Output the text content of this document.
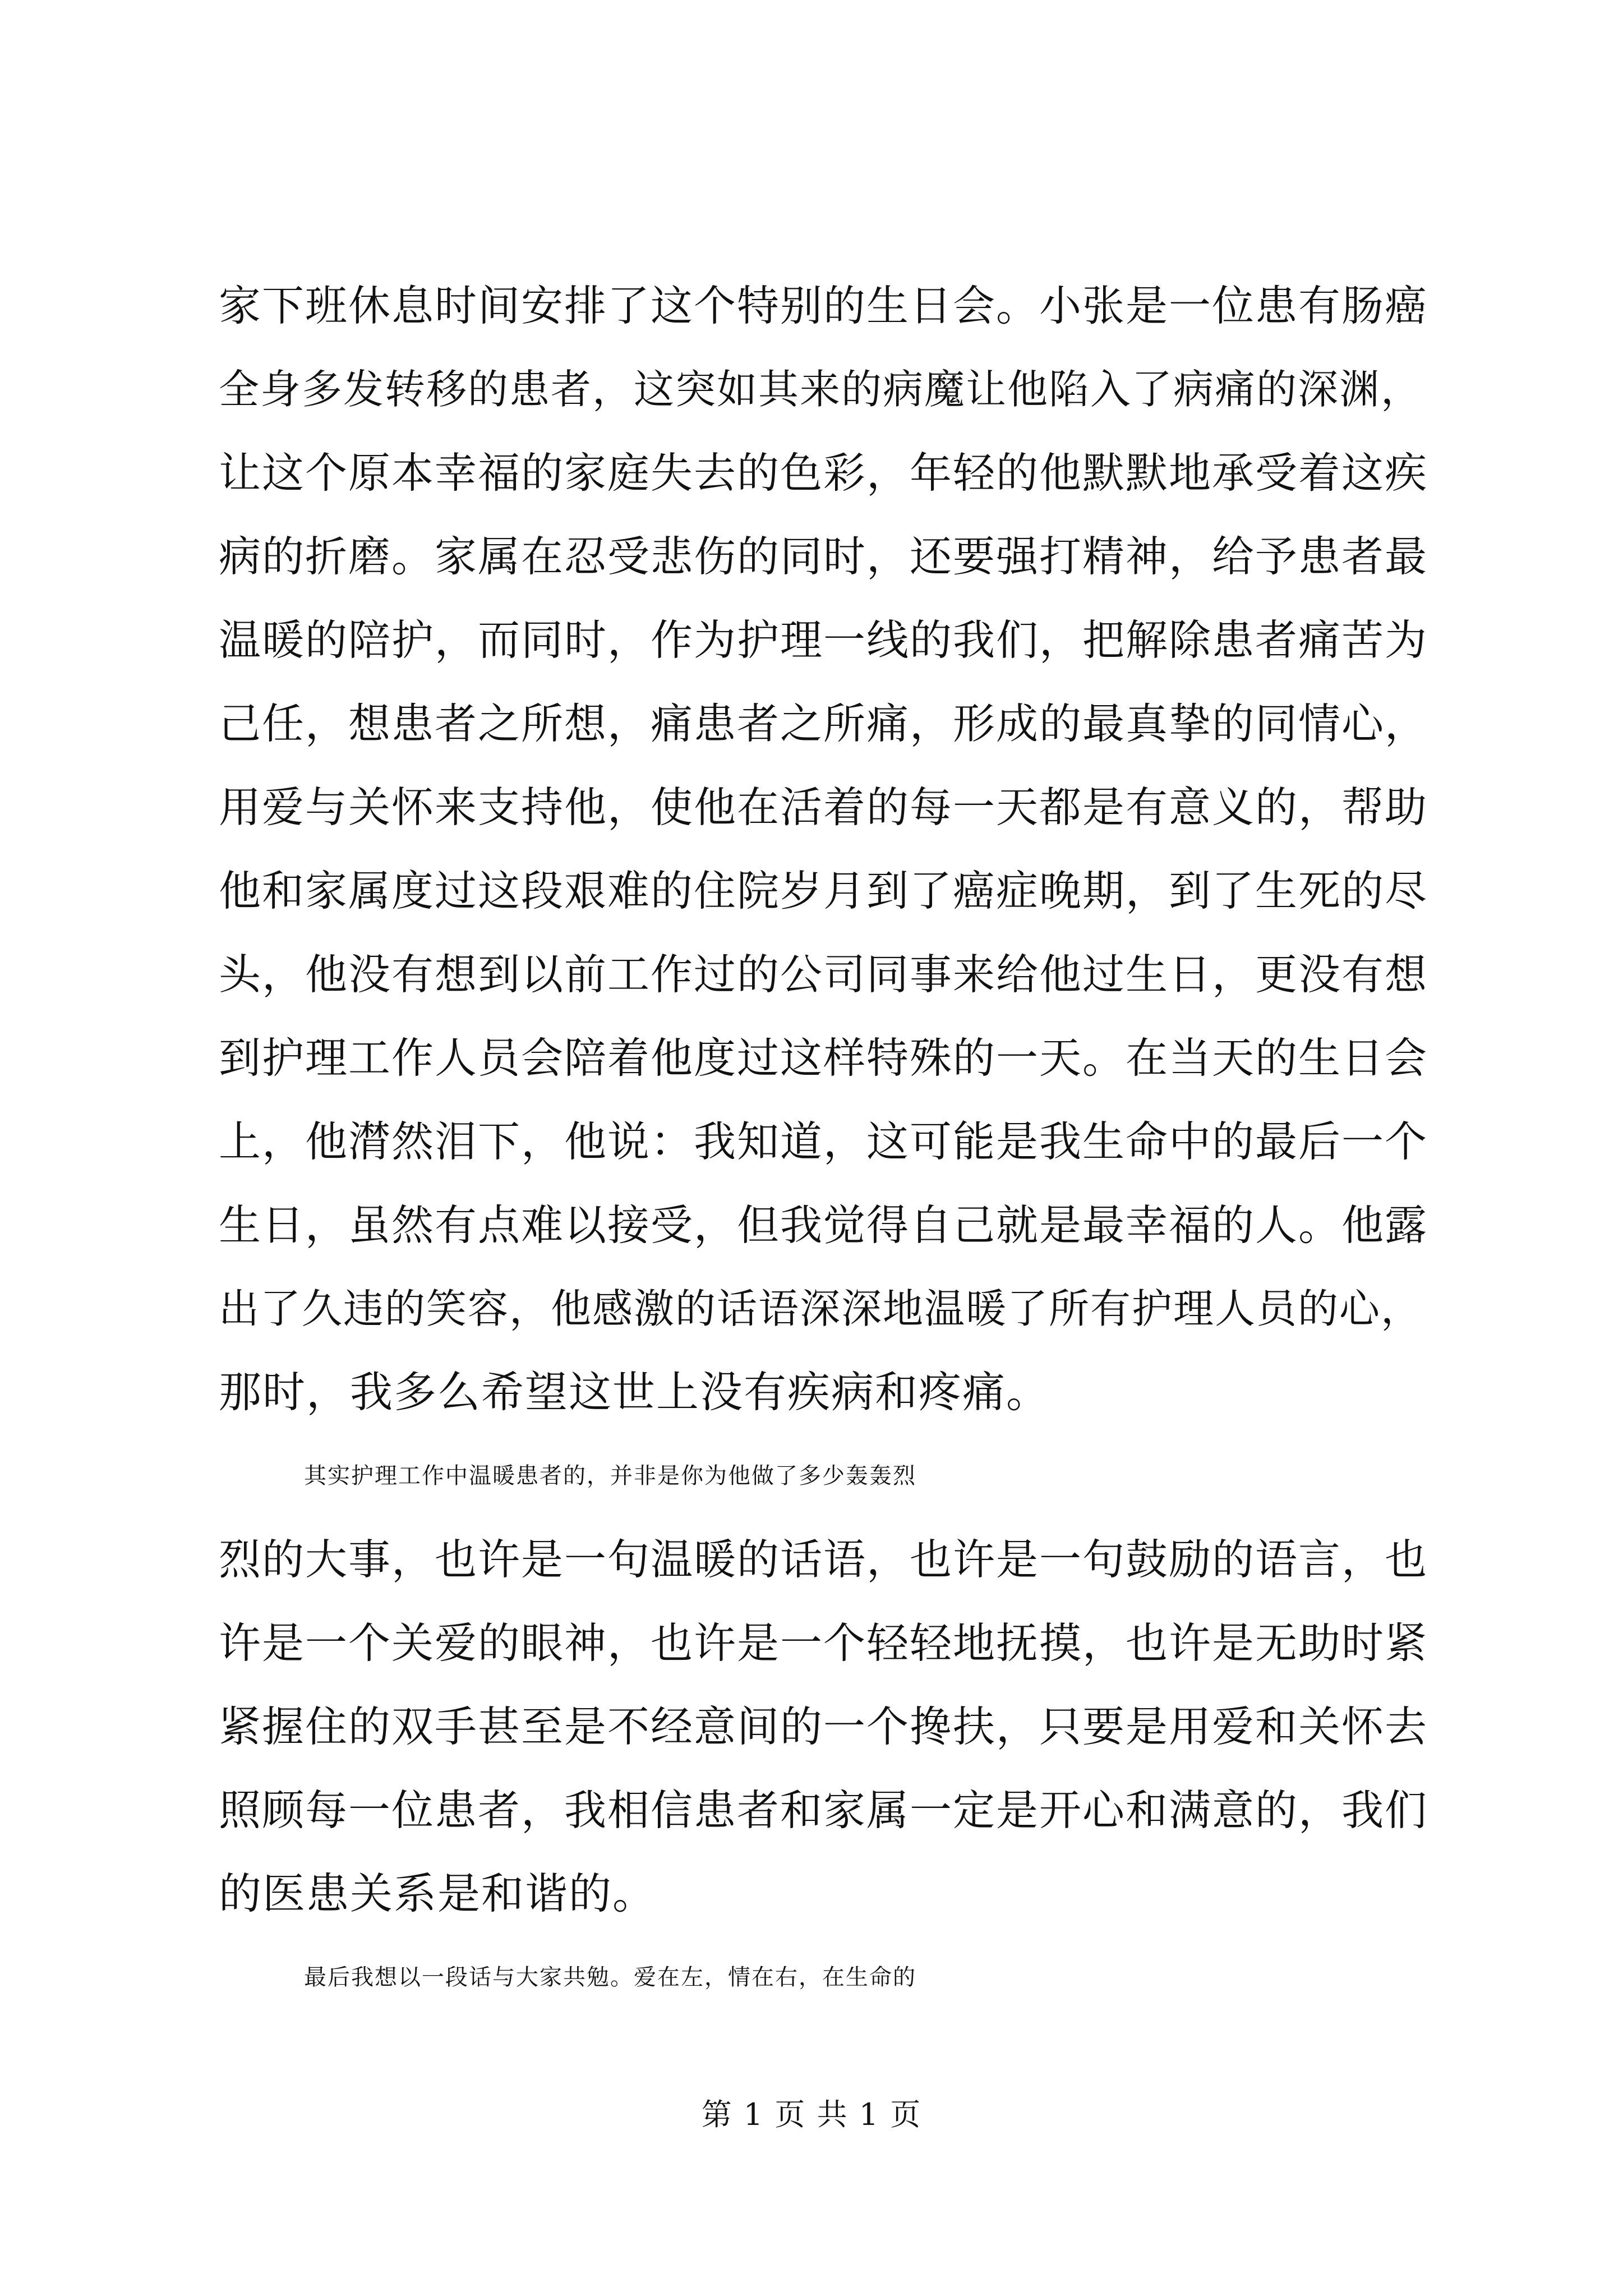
家下班休息时间安排了这个特别的生日会。小张是一位患有肠癌
全身多发转移的患者，这突如其来的病魔让他陷入了病痛的深渊，
让这个原本幸福的家庭失去的色彩，年轻的他默默地承受着这疾
病的折磨。家属在忍受悲伤的同时，还要强打精神，给予患者最
温暖的陪护，而同时，作为护理一线的我们，把解除患者痛苦为
己任，想患者之所想，痛患者之所痛，形成的最真挚的同情心，
用爱与关怀来支持他，使他在活着的每一天都是有意义的，帮助
他和家属度过这段艰难的住院岁月到了癌症晚期，到了生死的尽
头，他没有想到以前工作过的公司同事来给他过生日，更没有想
到护理工作人员会陪着他度过这样特殊的一天。在当天的生日会
上，他潸然泪下，他说：我知道，这可能是我生命中的最后一个
生日，虽然有点难以接受，但我觉得自己就是最幸福的人。他露
出了久违的笑容，他感激的话语深深地温暖了所有护理人员的心，
那时，我多么希望这世上没有疾病和疼痛。
其实护理工作中温暖患者的，并非是你为他做了多少轰轰烈
烈的大事，也许是一句温暖的话语，也许是一句鼓励的语言，也
许是一个关爱的眼神，也许是一个轻轻地抚摸，也许是无助时紧
紧握住的双手甚至是不经意间的一个搀扶，只要是用爱和关怀去
照顾每一位患者，我相信患者和家属一定是开心和满意的，我们
的医患关系是和谐的。
最后我想以一段话与大家共勉。爱在左，情在右，在生命的
第 1 页 共 1 页
